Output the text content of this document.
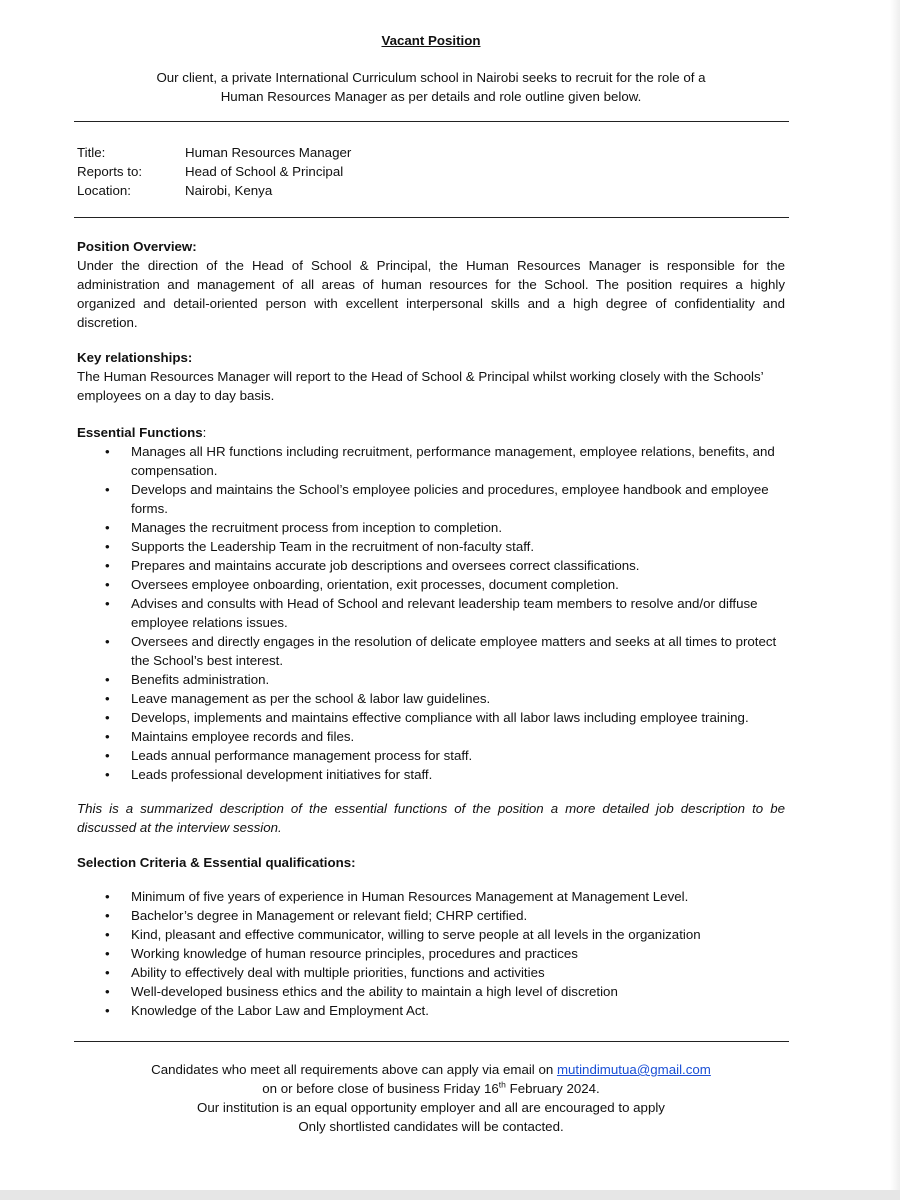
Vacant Position
Our client, a private International Curriculum school in Nairobi seeks to recruit for the role of a
Human Resources Manager as per details and role outline given below.
Title:	Human Resources Manager
Reports to:	Head of School & Principal
Location:	Nairobi, Kenya
Position Overview:
Under the direction of the Head of School & Principal, the Human Resources Manager is responsible for the administration and management of all areas of human resources for the School. The position requires a highly organized and detail-oriented person with excellent interpersonal skills and a high degree of confidentiality and discretion.
Key relationships:
The Human Resources Manager will report to the Head of School & Principal whilst working closely with the Schools’ employees on a day to day basis.
Essential Functions:
• Manages all HR functions including recruitment, performance management, employee relations, benefits, and compensation.
• Develops and maintains the School’s employee policies and procedures, employee handbook and employee forms.
• Manages the recruitment process from inception to completion.
• Supports the Leadership Team in the recruitment of non-faculty staff.
• Prepares and maintains accurate job descriptions and oversees correct classifications.
• Oversees employee onboarding, orientation, exit processes, document completion.
• Advises and consults with Head of School and relevant leadership team members to resolve and/or diffuse employee relations issues.
• Oversees and directly engages in the resolution of delicate employee matters and seeks at all times to protect the School’s best interest.
• Benefits administration.
• Leave management as per the school & labor law guidelines.
• Develops, implements and maintains effective compliance with all labor laws including employee training.
• Maintains employee records and files.
• Leads annual performance management process for staff.
• Leads professional development initiatives for staff.
This is a summarized description of the essential functions of the position a more detailed job description to be discussed at the interview session.
Selection Criteria & Essential qualifications:
• Minimum of five years of experience in Human Resources Management at Management Level.
• Bachelor’s degree in Management or relevant field; CHRP certified.
• Kind, pleasant and effective communicator, willing to serve people at all levels in the organization
• Working knowledge of human resource principles, procedures and practices
• Ability to effectively deal with multiple priorities, functions and activities
• Well-developed business ethics and the ability to maintain a high level of discretion
• Knowledge of the Labor Law and Employment Act.
Candidates who meet all requirements above can apply via email on mutindimutua@gmail.com
on or before close of business Friday 16th February 2024.
Our institution is an equal opportunity employer and all are encouraged to apply
Only shortlisted candidates will be contacted.
